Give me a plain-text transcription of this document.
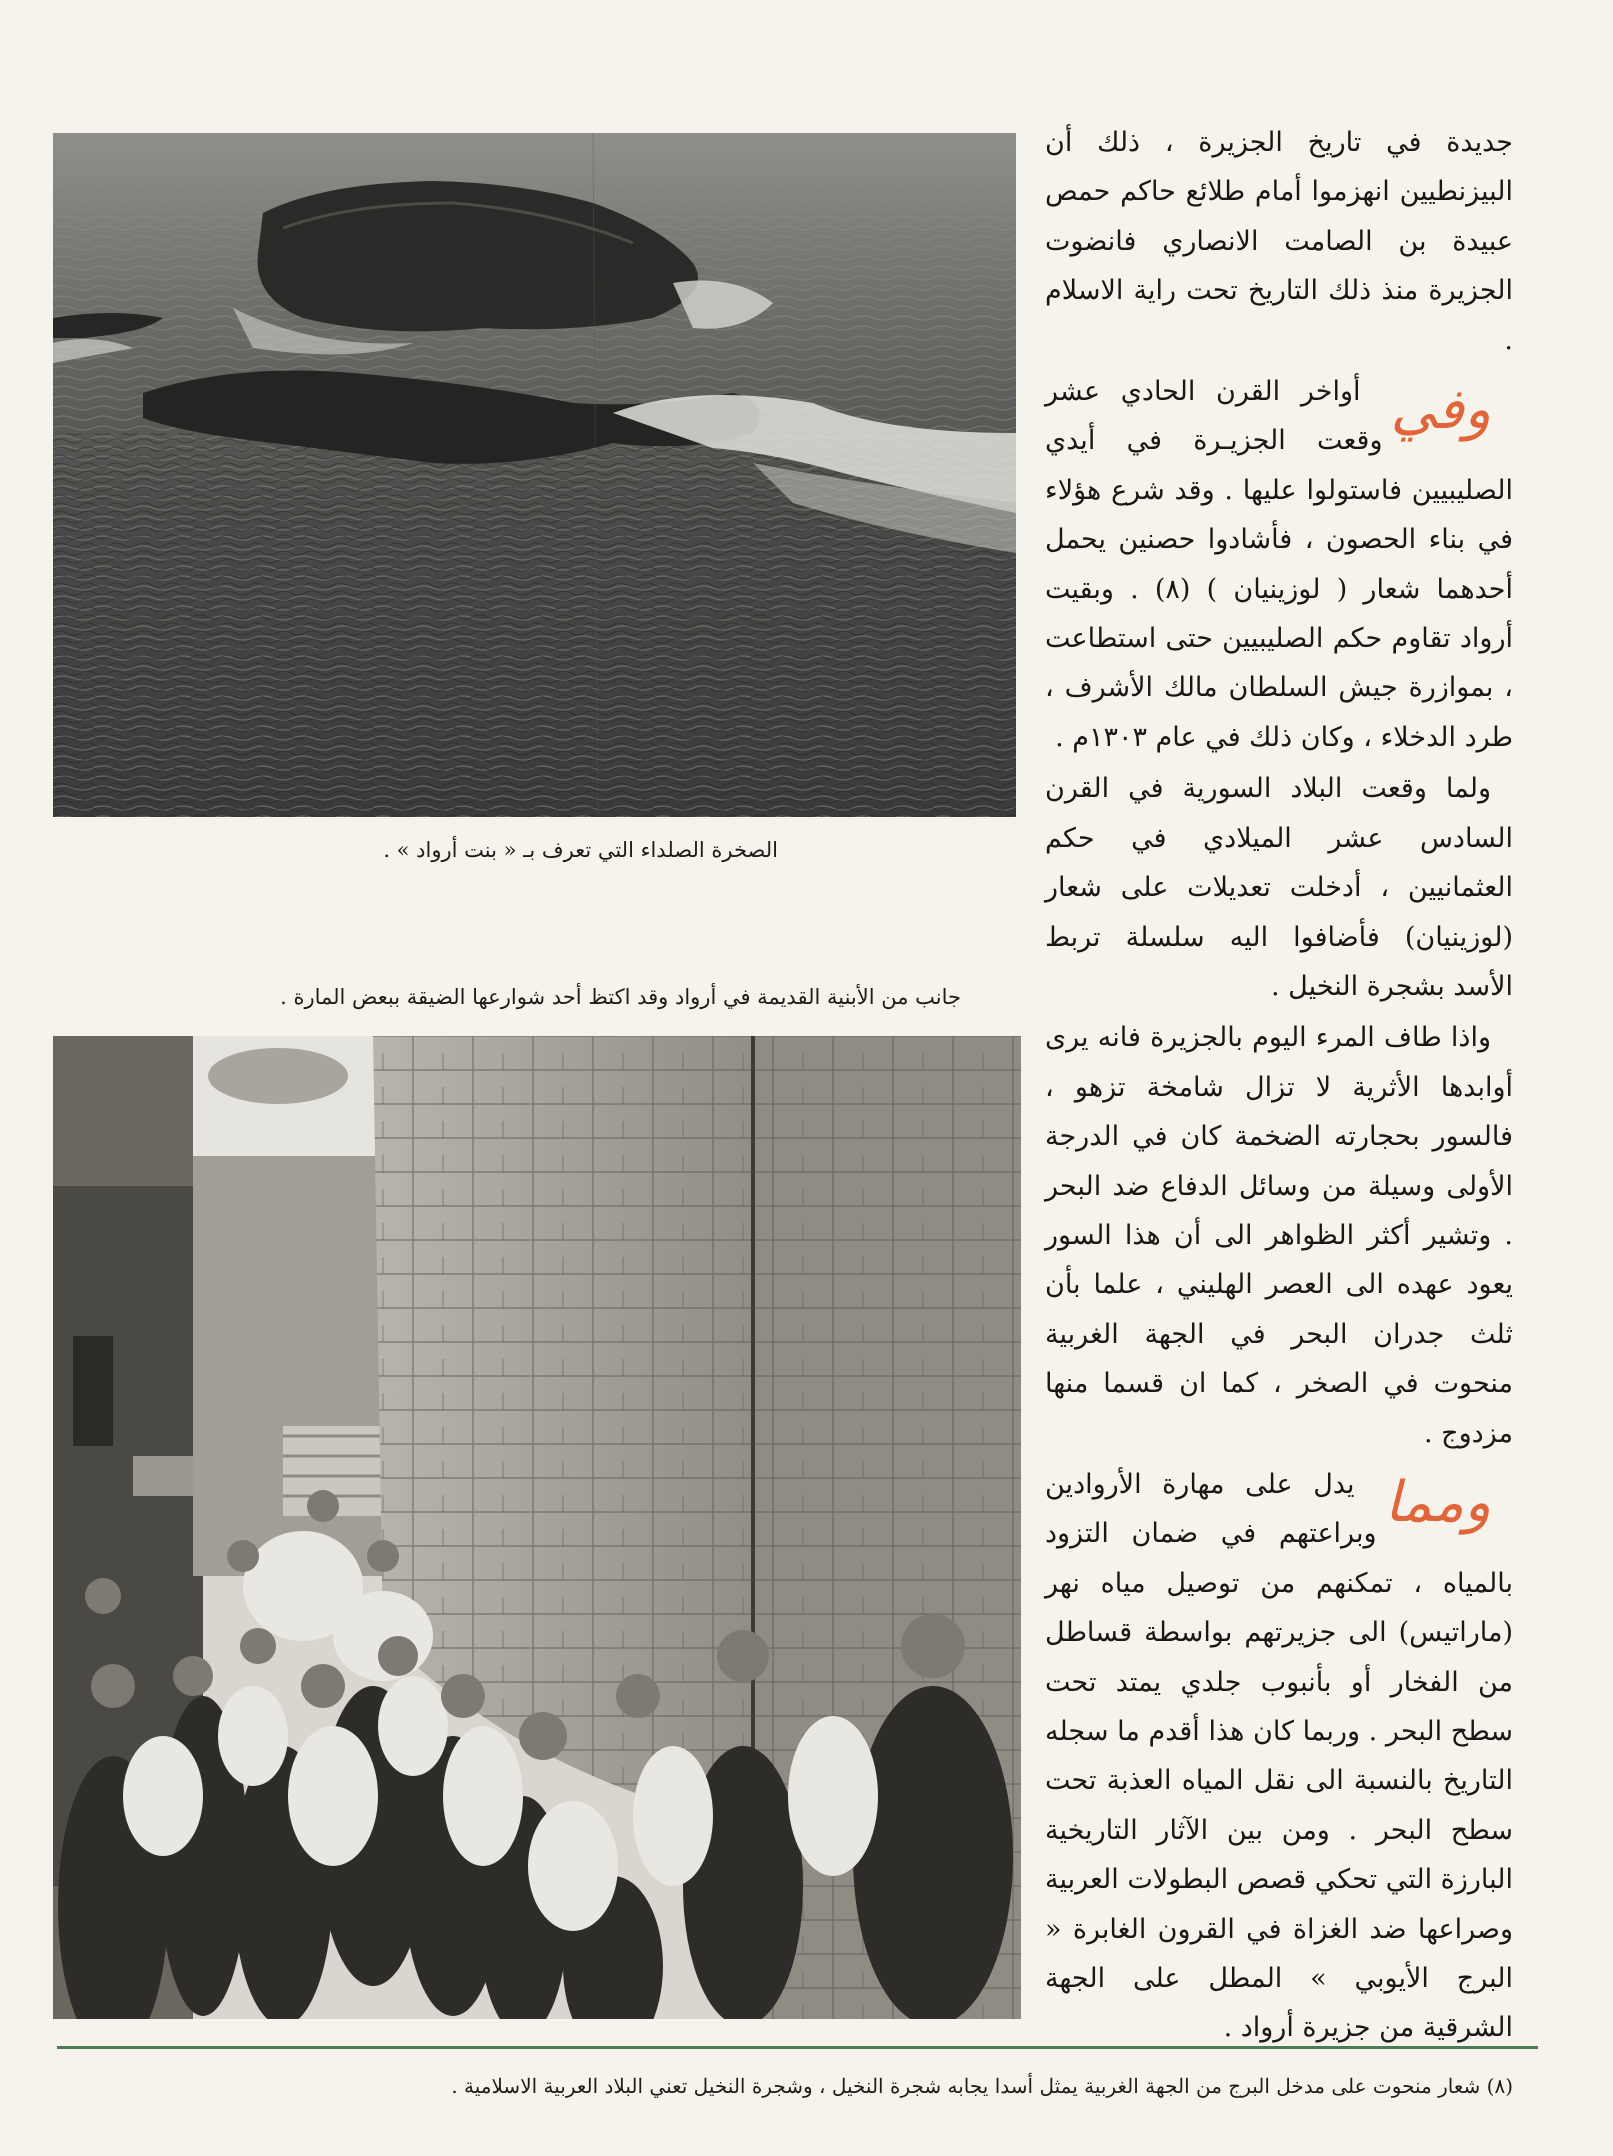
الصخرة الصلداء التي تعرف بـ « بنت أرواد » .
جانب من الأبنية القديمة في أرواد وقد اكتظ أحد شوارعها الضيقة ببعض المارة .

جديدة في تاريخ الجزيرة ، ذلك أن البيزنطيين انهزموا أمام طلائع حاكم حمص عبيدة بن الصامت الانصاري فانضوت الجزيرة منذ ذلك التاريخ تحت راية الاسلام .

وفي
أواخر القرن الحادي عشر وقعت الجزيـرة في أيدي الصليبيين فاستولوا عليها . وقد شرع هؤلاء في بناء الحصون ، فأشادوا حصنين يحمل أحدهما شعار ( لوزينيان ) (٨) . وبقيت أرواد تقاوم حكم الصليبيين حتى استطاعت ، بموازرة جيش السلطان مالك الأشرف ، طرد الدخلاء ، وكان ذلك في عام ١٣٠٣م .

ولما وقعت البلاد السورية في القرن السادس عشر الميلادي في حكم العثمانيين ، أدخلت تعديلات على شعار (لوزينيان) فأضافوا اليه سلسلة تربط الأسد بشجرة النخيل .

واذا طاف المرء اليوم بالجزيرة فانه يرى أوابدها الأثرية لا تزال شامخة تزهو ، فالسور بحجارته الضخمة كان في الدرجة الأولى وسيلة من وسائل الدفاع ضد البحر . وتشير أكثر الظواهر الى أن هذا السور يعود عهده الى العصر الهليني ، علما بأن ثلث جدران البحر في الجهة الغربية منحوت في الصخر ، كما ان قسما منها مزدوج .

ومما
يدل على مهارة الأروادين وبراعتهم في ضمان التزود بالمياه ، تمكنهم من توصيل مياه نهر (ماراتيس) الى جزيرتهم بواسطة قساطل من الفخار أو بأنبوب جلدي يمتد تحت سطح البحر . وربما كان هذا أقدم ما سجله التاريخ بالنسبة الى نقل المياه العذبة تحت سطح البحر . ومن بين الآثار التاريخية البارزة التي تحكي قصص البطولات العربية وصراعها ضد الغزاة في القرون الغابرة « البرج الأيوبي » المطل على الجهة الشرقية من جزيرة أرواد .

(٨) شعار منحوت على مدخل البرج من الجهة الغربية يمثل أسدا يجابه شجرة النخيل ، وشجرة النخيل تعني البلاد العربية الاسلامية .
